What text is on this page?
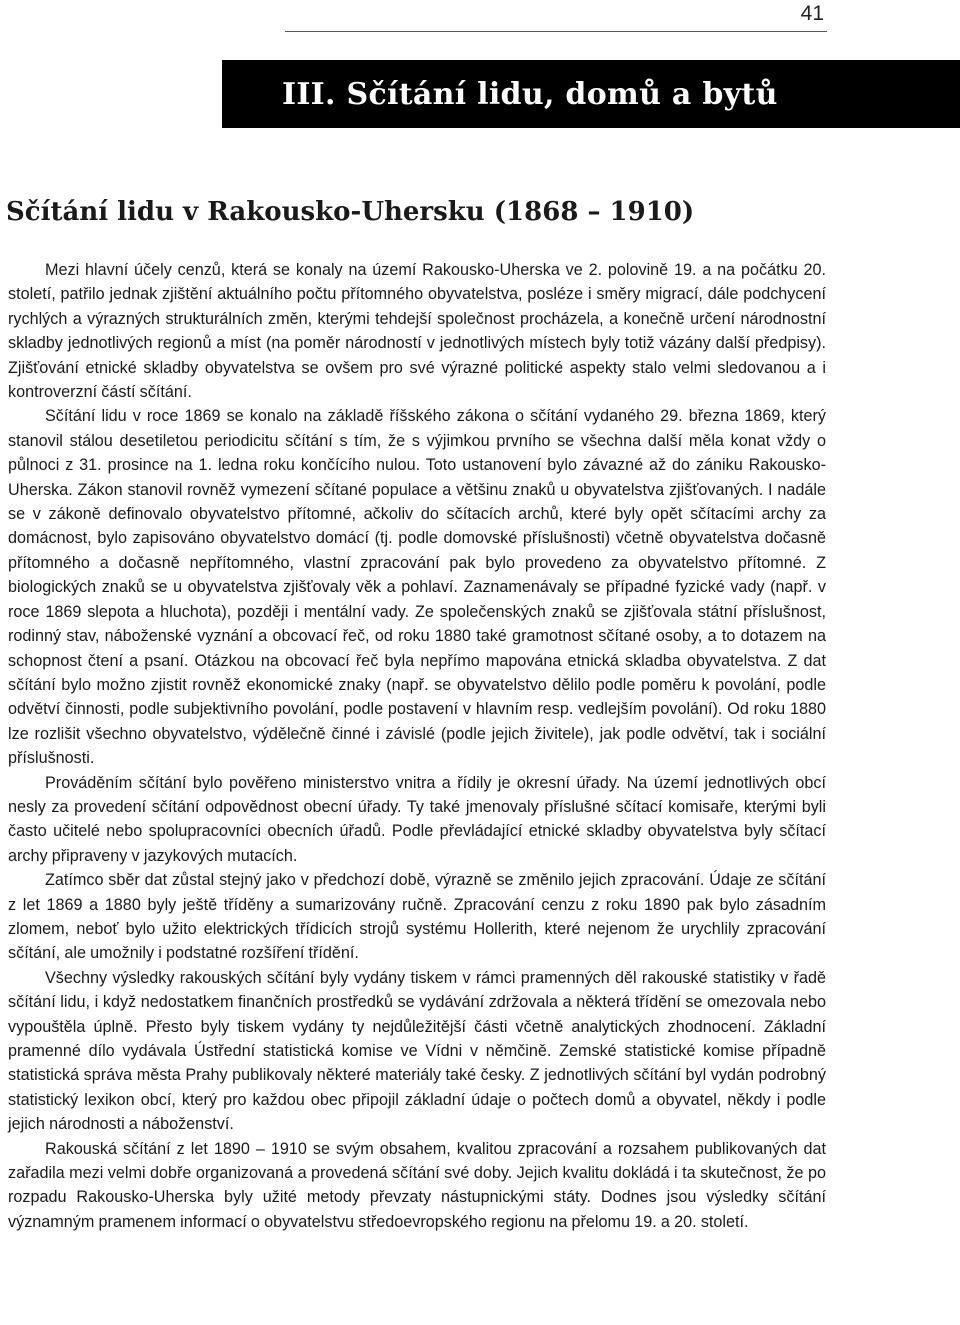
41
III. Sčítání lidu, domů a bytů
Sčítání lidu v Rakousko-Uhersku (1868 – 1910)

Mezi hlavní účely cenzů, která se konaly na území Rakousko-Uherska ve 2. polovině 19. a na počátku 20. století, patřilo jednak zjištění aktuálního počtu přítomného obyvatelstva, posléze i směry migrací, dále podchycení rychlých a výrazných strukturálních změn, kterými tehdejší společnost procházela, a konečně určení národnostní skladby jednotlivých regionů a míst (na poměr národností v jednotlivých místech byly totiž vázány další předpisy). Zjišťování etnické skladby obyvatelstva se ovšem pro své výrazné politické aspekty stalo velmi sledovanou a i kontroverzní částí sčítání.

Sčítání lidu v roce 1869 se konalo na základě říšského zákona o sčítání vydaného 29. března 1869, který stanovil stálou desetiletou periodicitu sčítání s tím, že s výjimkou prvního se všechna další měla konat vždy o půlnoci z 31. prosince na 1. ledna roku končícího nulou. Toto ustanovení bylo závazné až do zániku Rakousko-Uherska. Zákon stanovil rovněž vymezení sčítané populace a většinu znaků u obyvatelstva zjišťovaných. I nadále se v zákoně definovalo obyvatelstvo přítomné, ačkoliv do sčítacích archů, které byly opět sčítacími archy za domácnost, bylo zapisováno obyvatelstvo domácí (tj. podle domovské příslušnosti) včetně obyvatelstva dočasně přítomného a dočasně nepřítomného, vlastní zpracování pak bylo provedeno za obyvatelstvo přítomné. Z biologických znaků se u obyvatelstva zjišťovaly věk a pohlaví. Zaznamenávaly se případné fyzické vady (např. v roce 1869 slepota a hluchota), později i mentální vady. Ze společenských znaků se zjišťovala státní příslušnost, rodinný stav, náboženské vyznání a obcovací řeč, od roku 1880 také gramotnost sčítané osoby, a to dotazem na schopnost čtení a psaní. Otázkou na obcovací řeč byla nepřímo mapována etnická skladba obyvatelstva. Z dat sčítání bylo možno zjistit rovněž ekonomické znaky (např. se obyvatelstvo dělilo podle poměru k povolání, podle odvětví činnosti, podle subjektivního povolání, podle postavení v hlavním resp. vedlejším povolání). Od roku 1880 lze rozlišit všechno obyvatelstvo, výdělečně činné i závislé (podle jejich živitele), jak podle odvětví, tak i sociální příslušnosti.

Prováděním sčítání bylo pověřeno ministerstvo vnitra a řídily je okresní úřady. Na území jednotlivých obcí nesly za provedení sčítání odpovědnost obecní úřady. Ty také jmenovaly příslušné sčítací komisaře, kterými byli často učitelé nebo spolupracovníci obecních úřadů. Podle převládající etnické skladby obyvatelstva byly sčítací archy připraveny v jazykových mutacích.

Zatímco sběr dat zůstal stejný jako v předchozí době, výrazně se změnilo jejich zpracování. Údaje ze sčítání z let 1869 a 1880 byly ještě tříděny a sumarizovány ručně. Zpracování cenzu z roku 1890 pak bylo zásadním zlomem, neboť bylo užito elektrických třídicích strojů systému Hollerith, které nejenom že urychlily zpracování sčítání, ale umožnily i podstatné rozšíření třídění.

Všechny výsledky rakouských sčítání byly vydány tiskem v rámci pramenných děl rakouské statistiky v řadě sčítání lidu, i když nedostatkem finančních prostředků se vydávání zdržovala a některá třídění se omezovala nebo vypouštěla úplně. Přesto byly tiskem vydány ty nejdůležitější části včetně analytických zhodnocení. Základní pramenné dílo vydávala Ústřední statistická komise ve Vídni v němčině. Zemské statistické komise případně statistická správa města Prahy publikovaly některé materiály také česky. Z jednotlivých sčítání byl vydán podrobný statistický lexikon obcí, který pro každou obec připojil základní údaje o počtech domů a obyvatel, někdy i podle jejich národnosti a náboženství.

Rakouská sčítání z let 1890 – 1910 se svým obsahem, kvalitou zpracování a rozsahem publikovaných dat zařadila mezi velmi dobře organizovaná a provedená sčítání své doby. Jejich kvalitu dokládá i ta skutečnost, že po rozpadu Rakousko-Uherska byly užité metody převzaty nástupnickými státy. Dodnes jsou výsledky sčítání významným pramenem informací o obyvatelstvu středoevropského regionu na přelomu 19. a 20. století.
